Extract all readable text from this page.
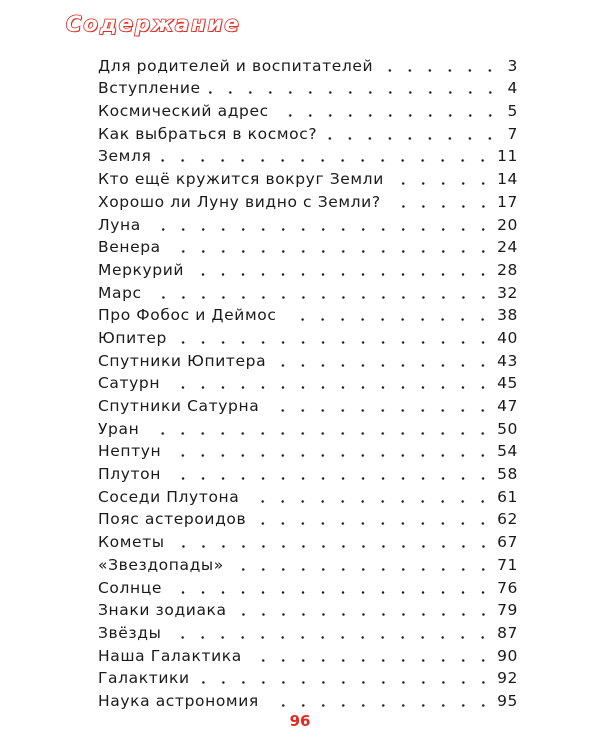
Содержание
Для родителей и воспитателей	3
Вступление	4
Космический адрес	5
Как выбраться в космос?	7
Земля	11
Кто ещё кружится вокруг Земли	14
Хорошо ли Луну видно с Земли?	17
Луна	20
Венера	24
Меркурий	28
Марс	32
Про Фобос и Деймос	38
Юпитер	40
Спутники Юпитера	43
Сатурн	45
Спутники Сатурна	47
Уран	50
Нептун	54
Плутон	58
Соседи Плутона	61
Пояс астероидов	62
Кометы	67
«Звездопады»	71
Солнце	76
Знаки зодиака	79
Звёзды	87
Наша Галактика	90
Галактики	92
Наука астрономия	95
96
